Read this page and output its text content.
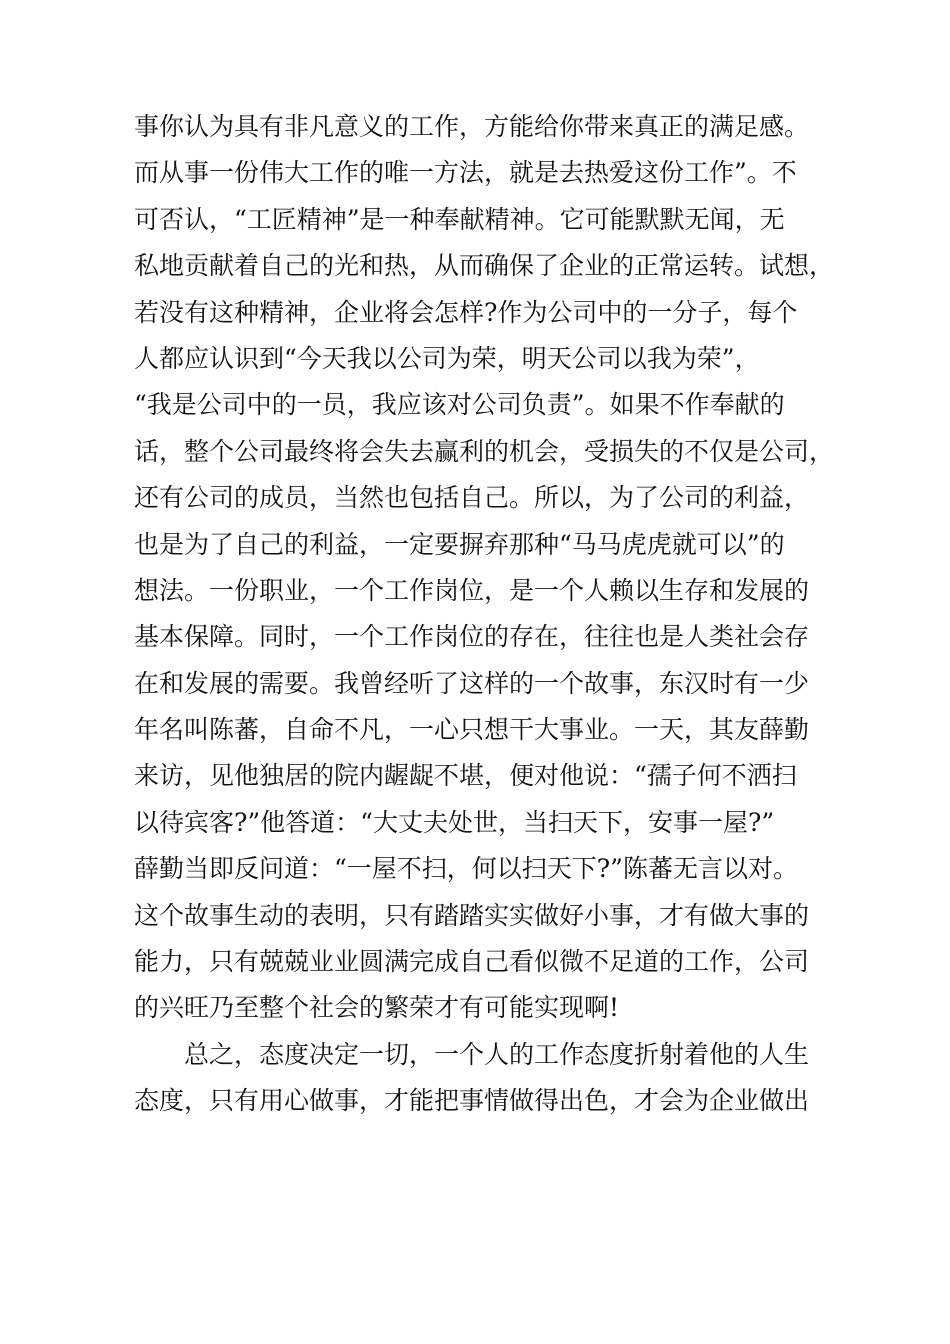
事你认为具有非凡意义的工作，方能给你带来真正的满足感。
而从事一份伟大工作的唯一方法，就是去热爱这份工作”。不
可否认，“工匠精神”是一种奉献精神。它可能默默无闻，无
私地贡献着自己的光和热，从而确保了企业的正常运转。试想，
若没有这种精神，企业将会怎样?作为公司中的一分子，每个
人都应认识到“今天我以公司为荣，明天公司以我为荣”，
“我是公司中的一员，我应该对公司负责”。如果不作奉献的
话，整个公司最终将会失去赢利的机会，受损失的不仅是公司，
还有公司的成员，当然也包括自己。所以，为了公司的利益，
也是为了自己的利益，一定要摒弃那种“马马虎虎就可以”的
想法。一份职业，一个工作岗位，是一个人赖以生存和发展的
基本保障。同时，一个工作岗位的存在，往往也是人类社会存
在和发展的需要。我曾经听了这样的一个故事，东汉时有一少
年名叫陈蕃，自命不凡，一心只想干大事业。一天，其友薛勤
来访，见他独居的院内龌龊不堪，便对他说：“孺子何不洒扫
以待宾客?”他答道：“大丈夫处世，当扫天下，安事一屋?”
薛勤当即反问道：“一屋不扫，何以扫天下?”陈蕃无言以对。
这个故事生动的表明，只有踏踏实实做好小事，才有做大事的
能力，只有兢兢业业圆满完成自己看似微不足道的工作，公司
的兴旺乃至整个社会的繁荣才有可能实现啊!
总之，态度决定一切，一个人的工作态度折射着他的人生
态度，只有用心做事，才能把事情做得出色，才会为企业做出
